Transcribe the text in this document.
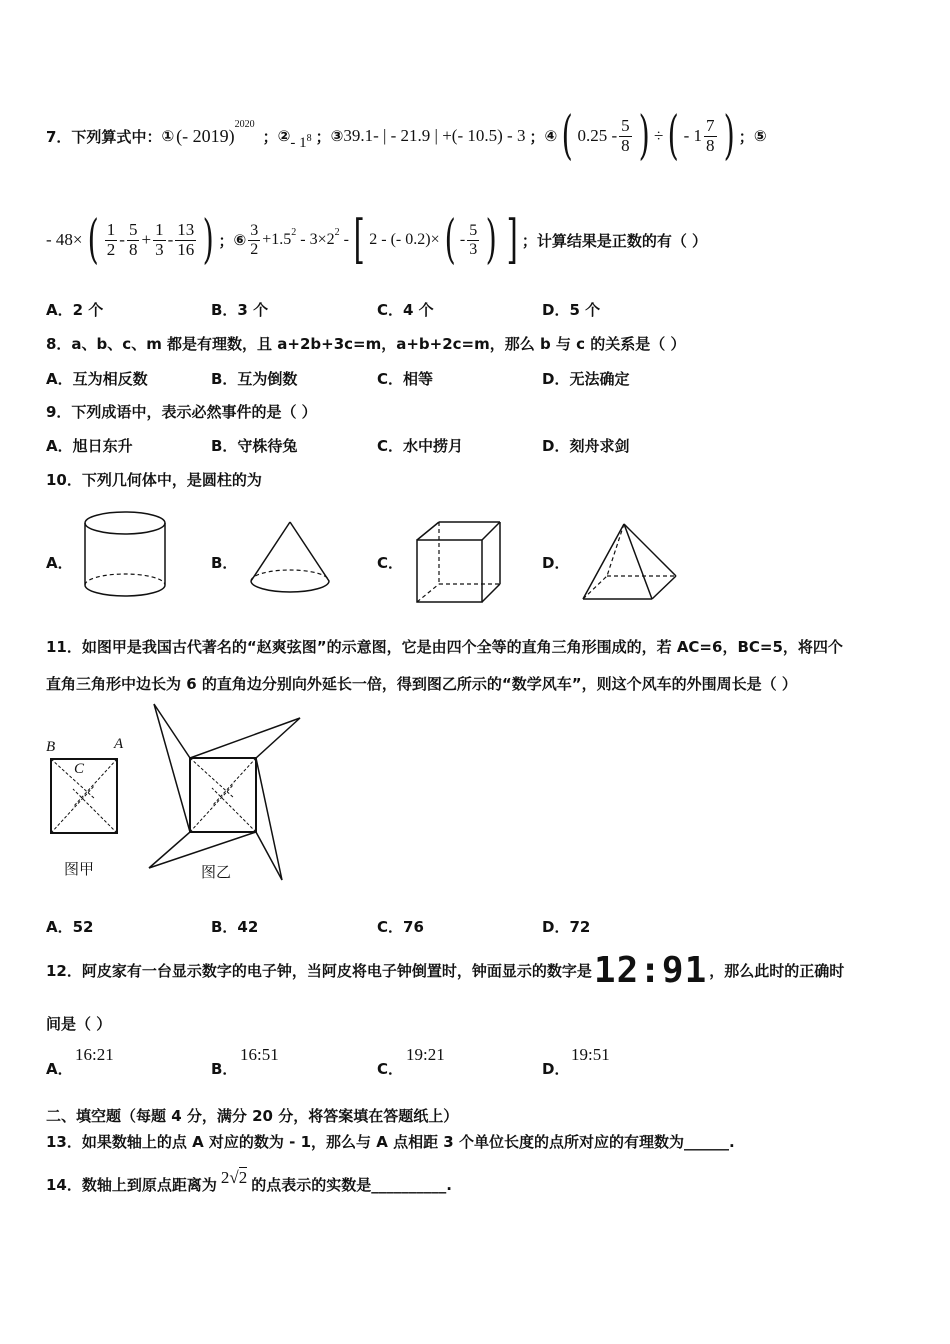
7．下列算式中： ① (- 2019)$^{2020}$
； ② - $1^8$ ； ③ 39.1- | - 21.9 | +(- 10.5) - 3 ； ④ ( $0.25 - \frac{5}{8}$ ) ÷ ( - $1 \frac{7}{8}$ ) ； ⑤
- 48× ( $\frac{1}{2} - \frac{5}{8} + \frac{1}{3} - \frac{13}{16}$ ) ； ⑥ $\frac{3}{2} +1.5$ 2 - 3×2 2 - [ 2 - (- 0.2)× ( - $\frac{5}{3}$ ) ] ；计算结果是正数的有（ ）
A．2 个	B．3 个	C．4 个	D．5 个
8．a、b、c、m 都是有理数，且 a+2b+3c=m，a+b+2c=m，那么 b 与 c 的关系是（ ）
A．互为相反数	B．互为倒数	C．相等	D．无法确定
9．下列成语中，表示必然事件的是（ ）
A．旭日东升	B．守株待兔	C．水中捞月	D．刻舟求剑
10．下列几何体中，是圆柱的为
A．	B．	C．	D．
11．如图甲是我国古代著名的“赵爽弦图”的示意图，它是由四个全等的直角三角形围成的，若 AC=6，BC=5，将四个
直角三角形中边长为 6 的直角边分别向外延长一倍，得到图乙所示的“数学风车”，则这个风车的外围周长是（ ）
B	A
C
图甲	图乙
A．52	B．42	C．76	D．72
12．阿皮家有一台显示数字的电子钟，当阿皮将电子钟倒置时，钟面显示的数字是 12:91 ，那么此时的正确时
间是（ ）
A．
16:21
B．
16:51
C．
19:21
D．
19:51
二、填空题（每题 4 分，满分 20 分，将答案填在答题纸上）
13．如果数轴上的点 A 对应的数为 - 1，那么与 A 点相距 3 个单位长度的点所对应的有理数为______.
14．数轴上到原点距离为 2√2 的点表示的实数是__________.
